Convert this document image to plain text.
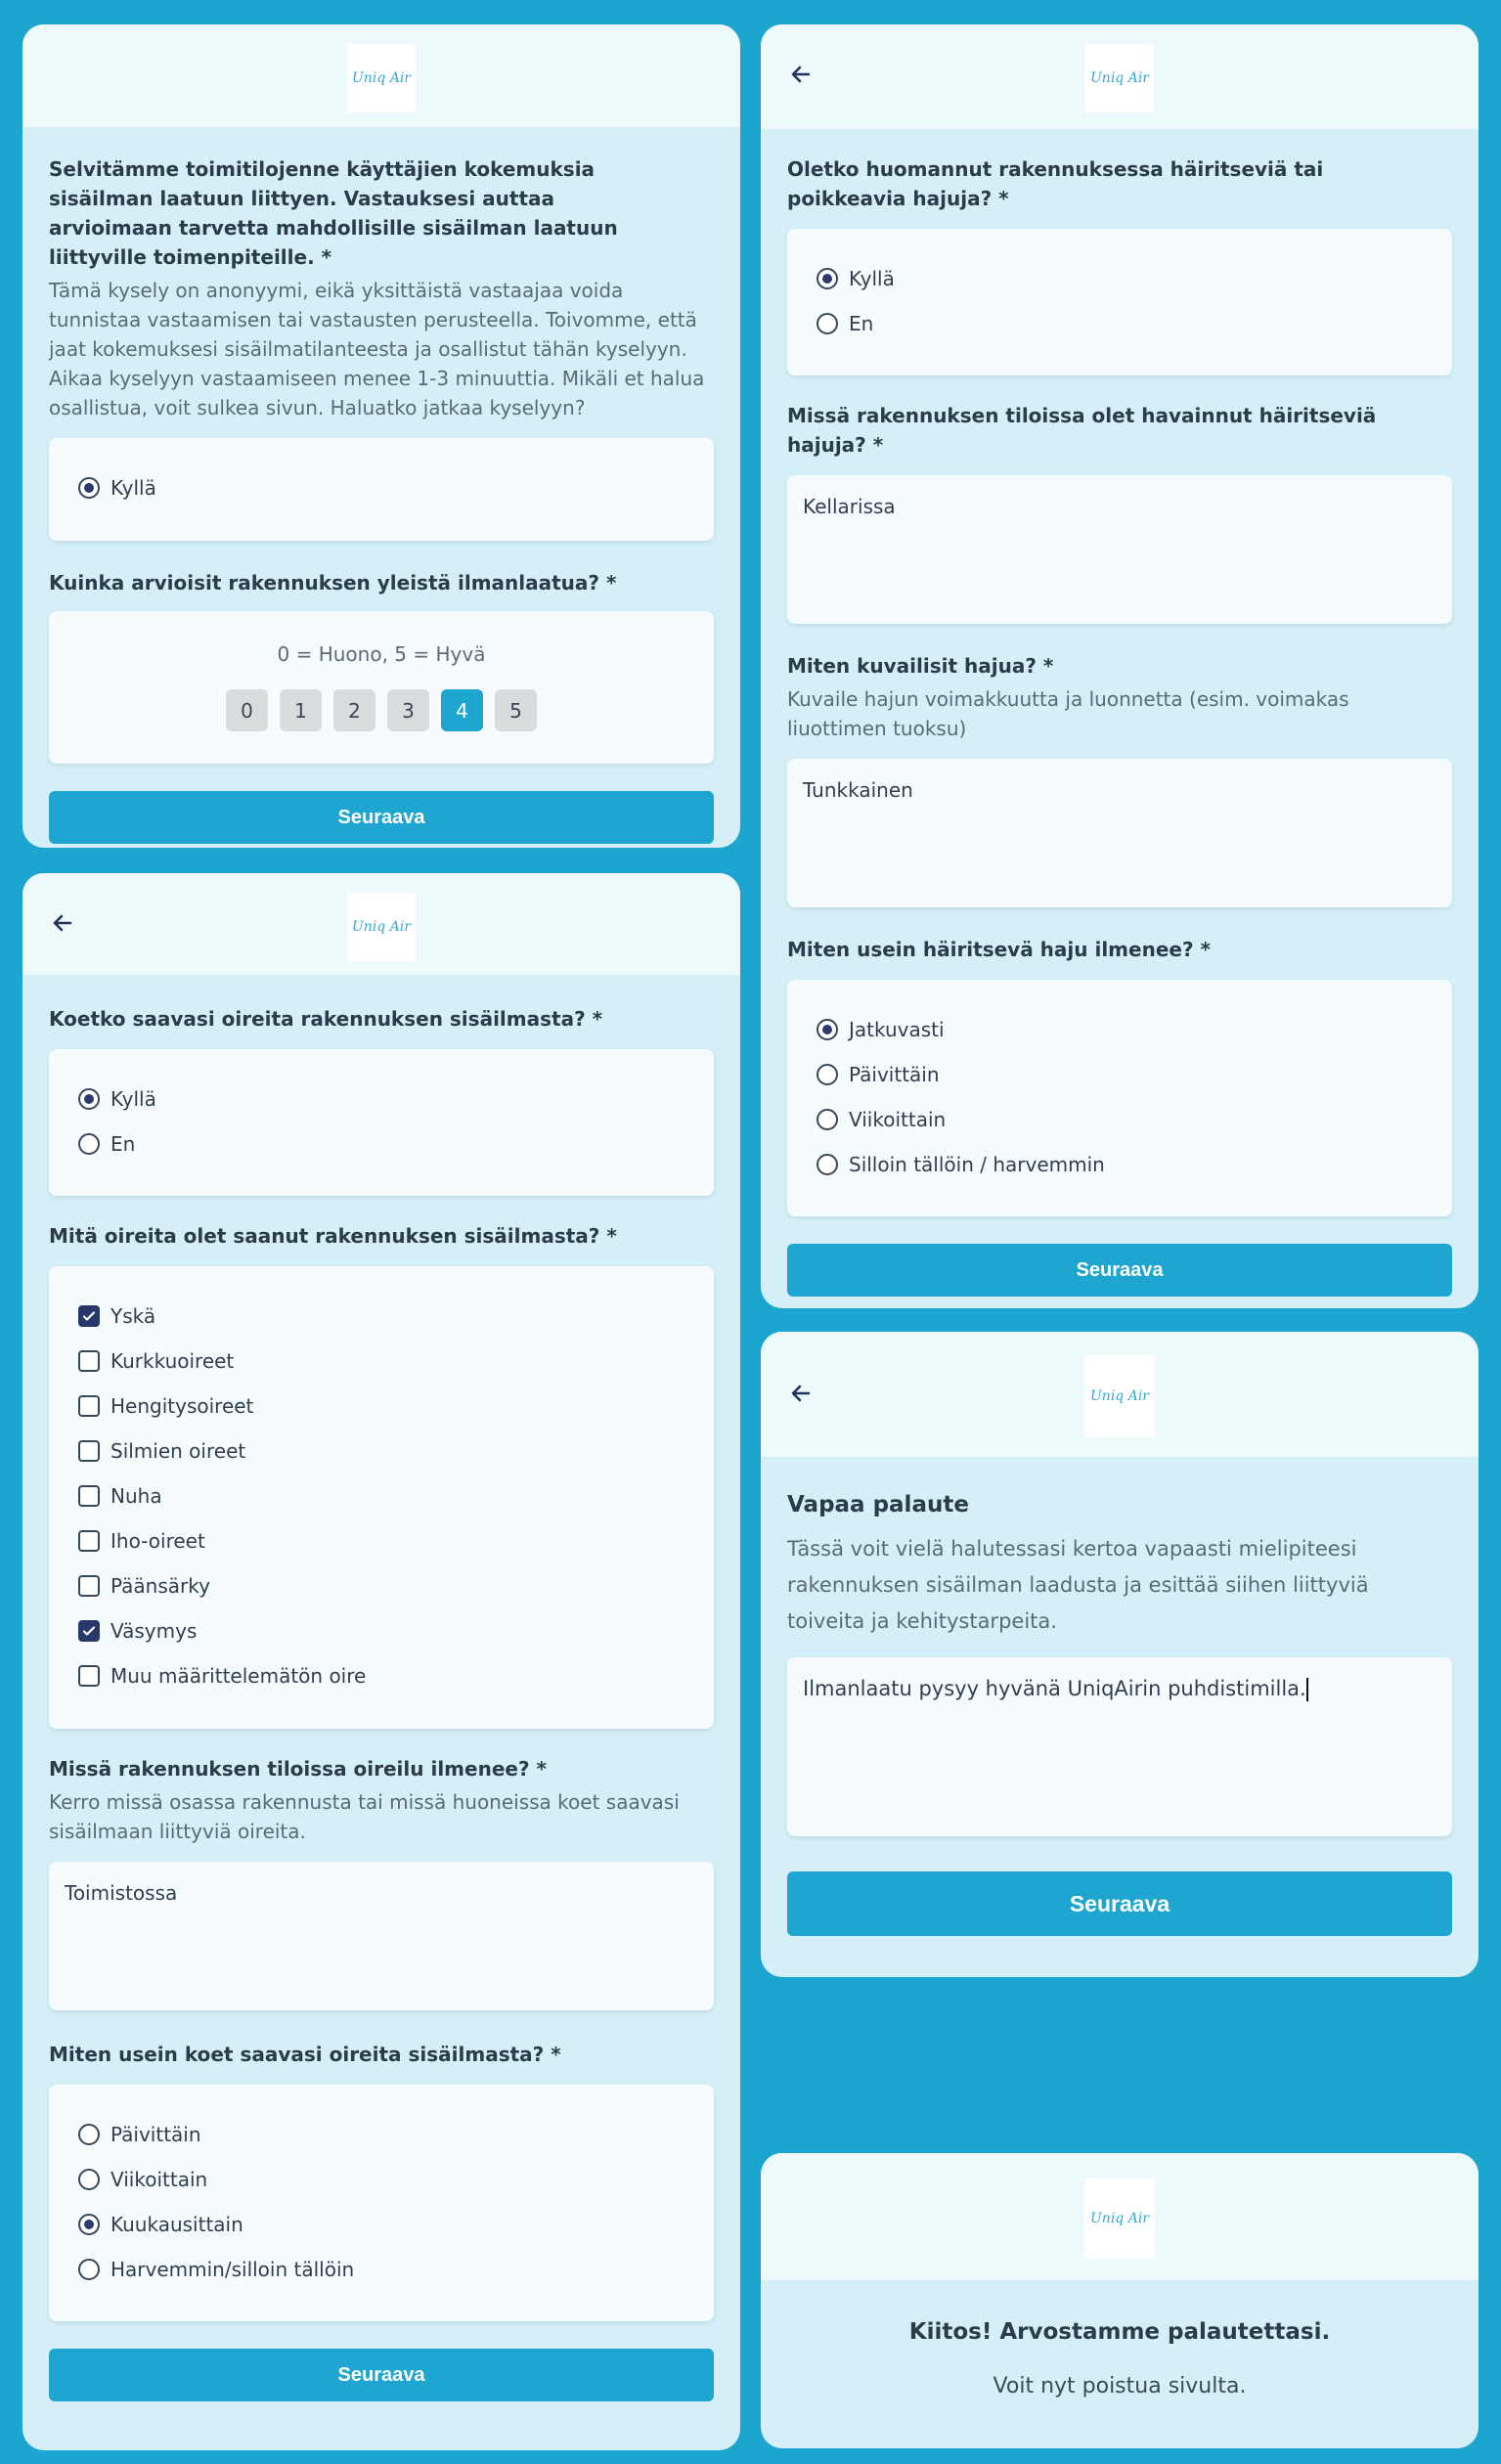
Uniq Air
Selvitämme toimitilojenne käyttäjien kokemuksia sisäilman laatuun liittyen. Vastauksesi auttaa arvioimaan tarvetta mahdollisille sisäilman laatuun liittyville toimenpiteille. *
Tämä kysely on anonyymi, eikä yksittäistä vastaajaa voida tunnistaa vastaamisen tai vastausten perusteella. Toivomme, että jaat kokemuksesi sisäilmatilanteesta ja osallistut tähän kyselyyn. Aikaa kyselyyn vastaamiseen menee 1-3 minuuttia. Mikäli et halua osallistua, voit sulkea sivun. Haluatko jatkaa kyselyyn?
Kyllä
Kuinka arvioisit rakennuksen yleistä ilmanlaatua? *
0 = Huono, 5 = Hyvä
0	1	2	3	4	5
Seuraava
Uniq Air
Koetko saavasi oireita rakennuksen sisäilmasta? *
Kyllä
En
Mitä oireita olet saanut rakennuksen sisäilmasta? *
Yskä
Kurkkuoireet
Hengitysoireet
Silmien oireet
Nuha
Iho-oireet
Päänsärky
Väsymys
Muu määrittelemätön oire
Missä rakennuksen tiloissa oireilu ilmenee? *
Kerro missä osassa rakennusta tai missä huoneissa koet saavasi sisäilmaan liittyviä oireita.
Toimistossa
Miten usein koet saavasi oireita sisäilmasta? *
Päivittäin
Viikoittain
Kuukausittain
Harvemmin/silloin tällöin
Seuraava
Uniq Air
Oletko huomannut rakennuksessa häiritseviä tai poikkeavia hajuja? *
Kyllä
En
Missä rakennuksen tiloissa olet havainnut häiritseviä hajuja? *
Kellarissa
Miten kuvailisit hajua? *
Kuvaile hajun voimakkuutta ja luonnetta (esim. voimakas liuottimen tuoksu)
Tunkkainen
Miten usein häiritsevä haju ilmenee? *
Jatkuvasti
Päivittäin
Viikoittain
Silloin tällöin / harvemmin
Seuraava
Uniq Air
Vapaa palaute
Tässä voit vielä halutessasi kertoa vapaasti mielipiteesi rakennuksen sisäilman laadusta ja esittää siihen liittyviä toiveita ja kehitystarpeita.
Ilmanlaatu pysyy hyvänä UniqAirin puhdistimilla.
Seuraava
Uniq Air
Kiitos! Arvostamme palautettasi.
Voit nyt poistua sivulta.
